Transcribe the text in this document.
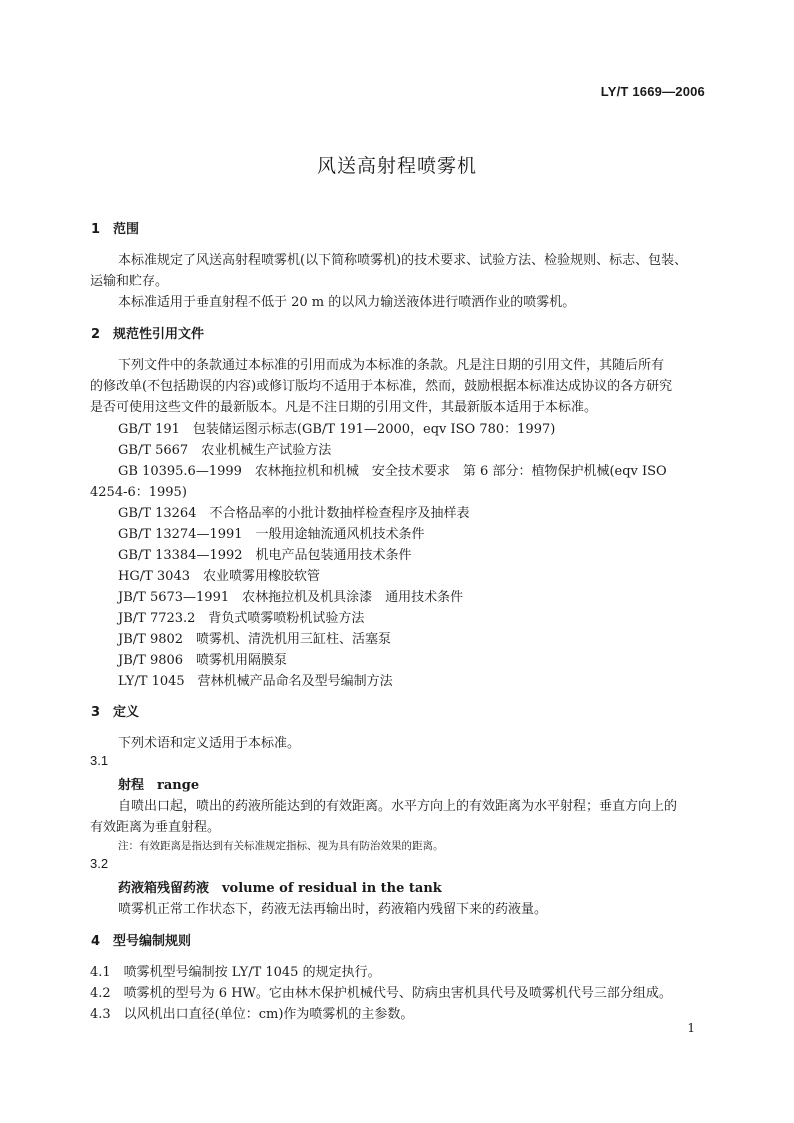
LY/T 1669—2006
风送高射程喷雾机
1　范围
本标准规定了风送高射程喷雾机(以下简称喷雾机)的技术要求、试验方法、检验规则、标志、包装、
运输和贮存。
本标准适用于垂直射程不低于 20 m 的以风力输送液体进行喷洒作业的喷雾机。
2　规范性引用文件
下列文件中的条款通过本标准的引用而成为本标准的条款。凡是注日期的引用文件，其随后所有
的修改单(不包括勘误的内容)或修订版均不适用于本标准，然而，鼓励根据本标准达成协议的各方研究
是否可使用这些文件的最新版本。凡是不注日期的引用文件，其最新版本适用于本标准。
GB/T 191　包装储运图示标志(GB/T 191—2000，eqv ISO 780：1997)
GB/T 5667　农业机械生产试验方法
GB 10395.6—1999　农林拖拉机和机械　安全技术要求　第 6 部分：植物保护机械(eqv ISO
4254-6：1995)
GB/T 13264　不合格品率的小批计数抽样检查程序及抽样表
GB/T 13274—1991　一般用途轴流通风机技术条件
GB/T 13384—1992　机电产品包装通用技术条件
HG/T 3043　农业喷雾用橡胶软管
JB/T 5673—1991　农林拖拉机及机具涂漆　通用技术条件
JB/T 7723.2　背负式喷雾喷粉机试验方法
JB/T 9802　喷雾机、清洗机用三缸柱、活塞泵
JB/T 9806　喷雾机用隔膜泵
LY/T 1045　营林机械产品命名及型号编制方法
3　定义
下列术语和定义适用于本标准。
3.1
射程　range
自喷出口起，喷出的药液所能达到的有效距离。水平方向上的有效距离为水平射程；垂直方向上的
有效距离为垂直射程。
注：有效距离是指达到有关标准规定指标、视为具有防治效果的距离。
3.2
药液箱残留药液　volume of residual in the tank
喷雾机正常工作状态下，药液无法再输出时，药液箱内残留下来的药液量。
4　型号编制规则
4.1　喷雾机型号编制按 LY/T 1045 的规定执行。
4.2　喷雾机的型号为 6 HW。它由林木保护机械代号、防病虫害机具代号及喷雾机代号三部分组成。
4.3　以风机出口直径(单位：cm)作为喷雾机的主参数。
1
